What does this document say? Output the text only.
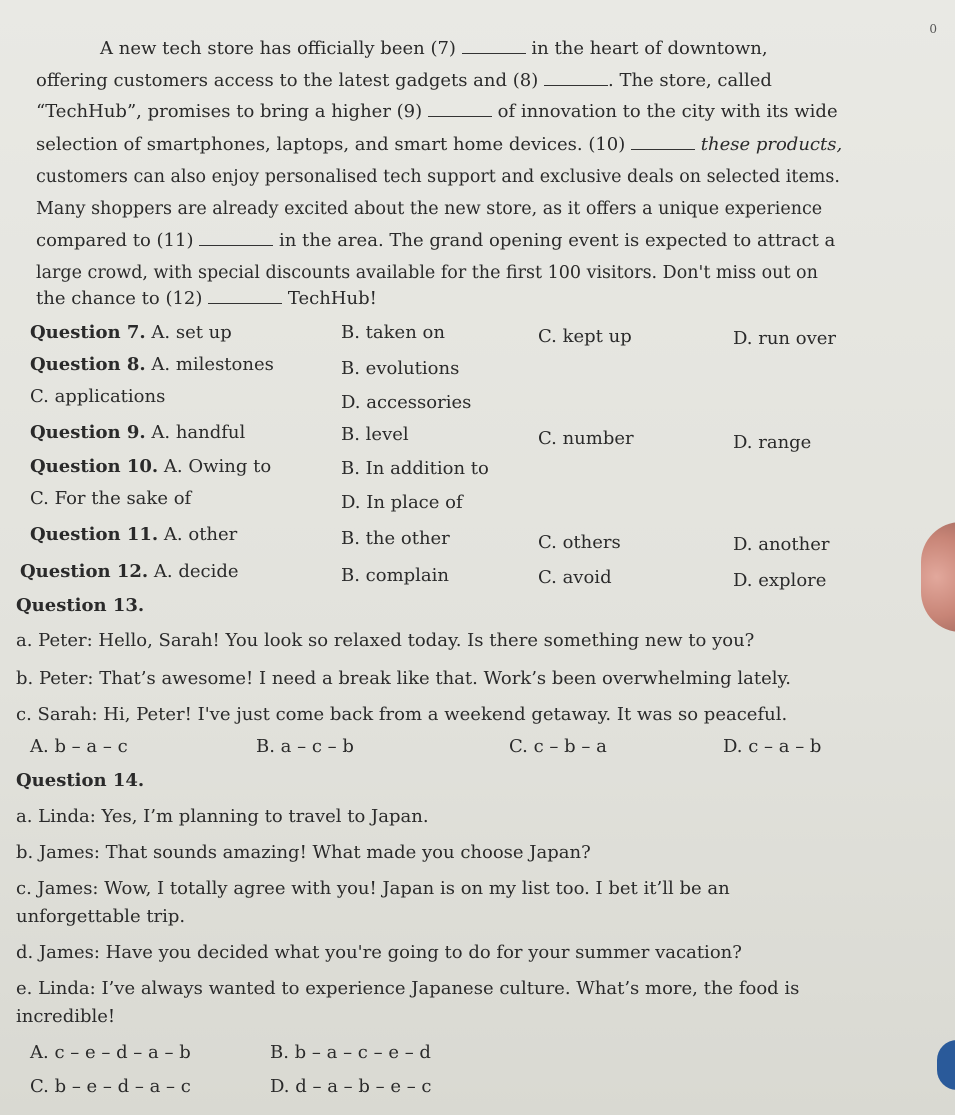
0
A new tech store has officially been (7)	in the heart of downtown,
offering customers access to the latest gadgets and (8)	. The store, called
“TechHub”, promises to bring a higher (9)	of innovation to the city with its wide
selection of smartphones, laptops, and smart home devices. (10)	these products,
customers can also enjoy personalised tech support and exclusive deals on selected items.
Many shoppers are already excited about the new store, as it offers a unique experience
compared to (11)	in the area. The grand opening event is expected to attract a
large crowd, with special discounts available for the first 100 visitors. Don't miss out on
the chance to (12)	TechHub!
Question 7. A. set up	B. taken on	C. kept up	D. run over
Question 8. A. milestones	B. evolutions
C. applications	D. accessories
Question 9. A. handful	B. level	C. number	D. range
Question 10. A. Owing to	B. In addition to
C. For the sake of	D. In place of
Question 11. A. other	B. the other	C. others	D. another
Question 12. A. decide	B. complain	C. avoid	D. explore
Question 13.
a. Peter: Hello, Sarah! You look so relaxed today. Is there something new to you?
b. Peter: That’s awesome! I need a break like that. Work’s been overwhelming lately.
c. Sarah: Hi, Peter! I've just come back from a weekend getaway. It was so peaceful.
A. b – a – c	B. a – c – b	C. c – b – a	D. c – a – b
Question 14.
a. Linda: Yes, I’m planning to travel to Japan.
b. James: That sounds amazing! What made you choose Japan?
c. James: Wow, I totally agree with you! Japan is on my list too. I bet it’ll be an
unforgettable trip.
d. James: Have you decided what you're going to do for your summer vacation?
e. Linda: I’ve always wanted to experience Japanese culture. What’s more, the food is
incredible!
A. c – e – d – a – b	B. b – a – c – e – d
C. b – e – d – a – c	D. d – a – b – e – c
